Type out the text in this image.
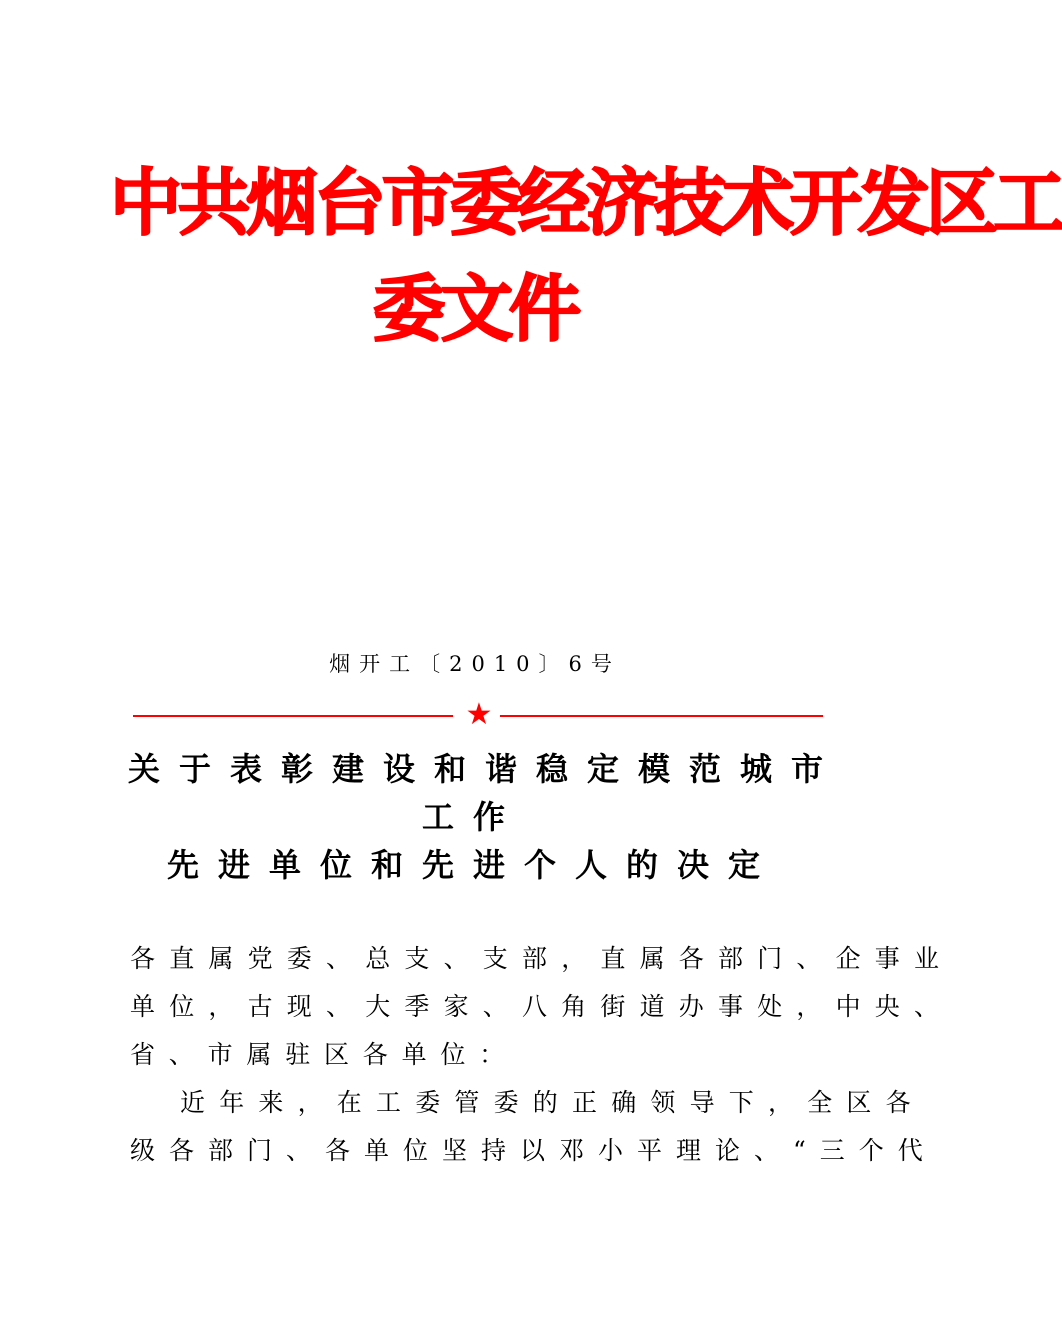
中共烟台市委经济技术开发区工
委文件
烟开工〔2010〕6号
★
关于表彰建设和谐稳定模范城市
工作
先进单位和先进个人的决定
各直属党委、总支、支部，直属各部门、企事业
单位，古现、大季家、八角街道办事处，中央、
省、市属驻区各单位：
近年来，在工委管委的正确领导下，全区各
级各部门、各单位坚持以邓小平理论、“三个代
